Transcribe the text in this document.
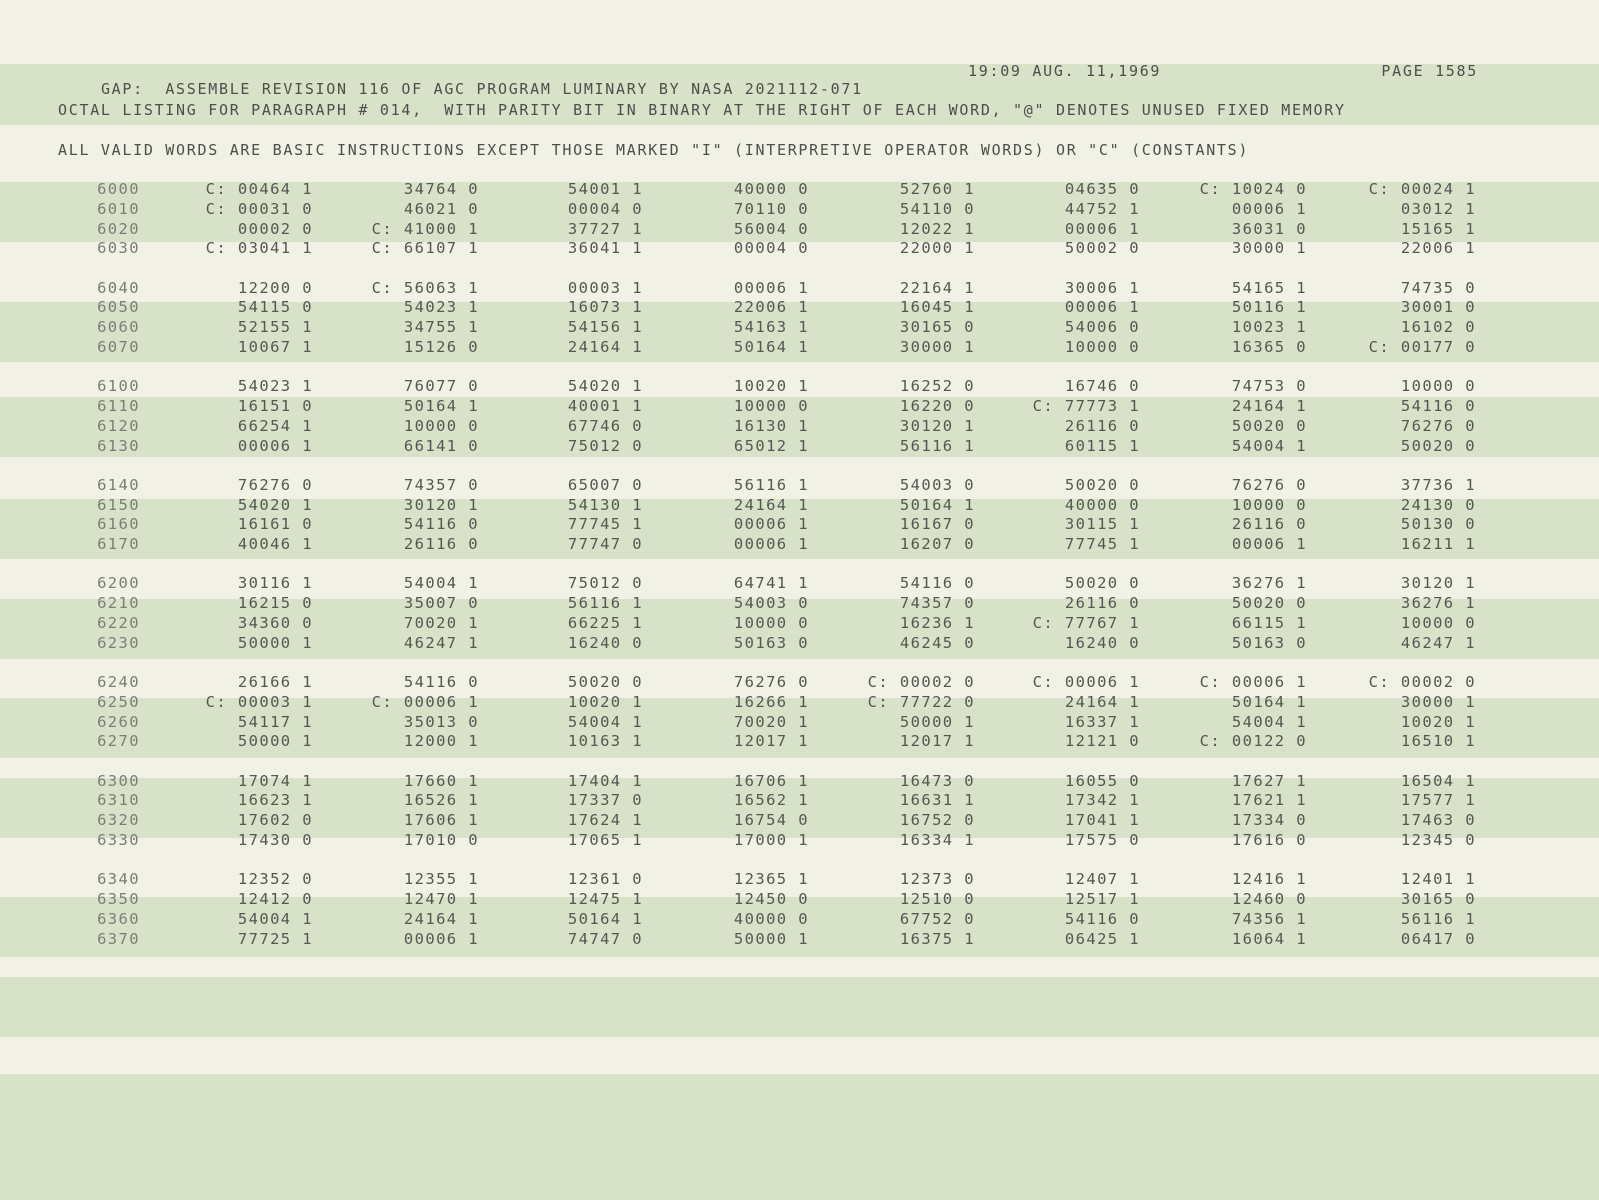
GAP:  ASSEMBLE REVISION 116 OF AGC PROGRAM LUMINARY BY NASA 2021112-071

19:09 AUG. 11,1969

	PAGE 1585

OCTAL LISTING FOR PARAGRAPH # 014,  WITH PARITY BIT IN BINARY AT THE RIGHT OF EACH WORD, "@" DENOTES UNUSED FIXED MEMORY
ALL VALID WORDS ARE BASIC INSTRUCTIONS EXCEPT THOSE MARKED "I" (INTERPRETIVE OPERATOR WORDS) OR "C" (CONSTANTS)
6000	C: 00464 1	34764 0	54001 1	40000 0	52760 1	04635 0	C: 10024 0	C: 00024 1
6010	C: 00031 0	46021 0	00004 0	70110 0	54110 0	44752 1	00006 1	03012 1
6020	00002 0	C: 41000 1	37727 1	56004 0	12022 1	00006 1	36031 0	15165 1
6030	C: 03041 1	C: 66107 1	36041 1	00004 0	22000 1	50002 0	30000 1	22006 1
6040	12200 0	C: 56063 1	00003 1	00006 1	22164 1	30006 1	54165 1	74735 0
6050	54115 0	54023 1	16073 1	22006 1	16045 1	00006 1	50116 1	30001 0
6060	52155 1	34755 1	54156 1	54163 1	30165 0	54006 0	10023 1	16102 0
6070	10067 1	15126 0	24164 1	50164 1	30000 1	10000 0	16365 0	C: 00177 0
6100	54023 1	76077 0	54020 1	10020 1	16252 0	16746 0	74753 0	10000 0
6110	16151 0	50164 1	40001 1	10000 0	16220 0	C: 77773 1	24164 1	54116 0
6120	66254 1	10000 0	67746 0	16130 1	30120 1	26116 0	50020 0	76276 0
6130	00006 1	66141 0	75012 0	65012 1	56116 1	60115 1	54004 1	50020 0
6140	76276 0	74357 0	65007 0	56116 1	54003 0	50020 0	76276 0	37736 1
6150	54020 1	30120 1	54130 1	24164 1	50164 1	40000 0	10000 0	24130 0
6160	16161 0	54116 0	77745 1	00006 1	16167 0	30115 1	26116 0	50130 0
6170	40046 1	26116 0	77747 0	00006 1	16207 0	77745 1	00006 1	16211 1
6200	30116 1	54004 1	75012 0	64741 1	54116 0	50020 0	36276 1	30120 1
6210	16215 0	35007 0	56116 1	54003 0	74357 0	26116 0	50020 0	36276 1
6220	34360 0	70020 1	66225 1	10000 0	16236 1	C: 77767 1	66115 1	10000 0
6230	50000 1	46247 1	16240 0	50163 0	46245 0	16240 0	50163 0	46247 1
6240	26166 1	54116 0	50020 0	76276 0	C: 00002 0	C: 00006 1	C: 00006 1	C: 00002 0
6250	C: 00003 1	C: 00006 1	10020 1	16266 1	C: 77722 0	24164 1	50164 1	30000 1
6260	54117 1	35013 0	54004 1	70020 1	50000 1	16337 1	54004 1	10020 1
6270	50000 1	12000 1	10163 1	12017 1	12017 1	12121 0	C: 00122 0	16510 1
6300	17074 1	17660 1	17404 1	16706 1	16473 0	16055 0	17627 1	16504 1
6310	16623 1	16526 1	17337 0	16562 1	16631 1	17342 1	17621 1	17577 1
6320	17602 0	17606 1	17624 1	16754 0	16752 0	17041 1	17334 0	17463 0
6330	17430 0	17010 0	17065 1	17000 1	16334 1	17575 0	17616 0	12345 0
6340	12352 0	12355 1	12361 0	12365 1	12373 0	12407 1	12416 1	12401 1
6350	12412 0	12470 1	12475 1	12450 0	12510 0	12517 1	12460 0	30165 0
6360	54004 1	24164 1	50164 1	40000 0	67752 0	54116 0	74356 1	56116 1
6370	77725 1	00006 1	74747 0	50000 1	16375 1	06425 1	16064 1	06417 0
